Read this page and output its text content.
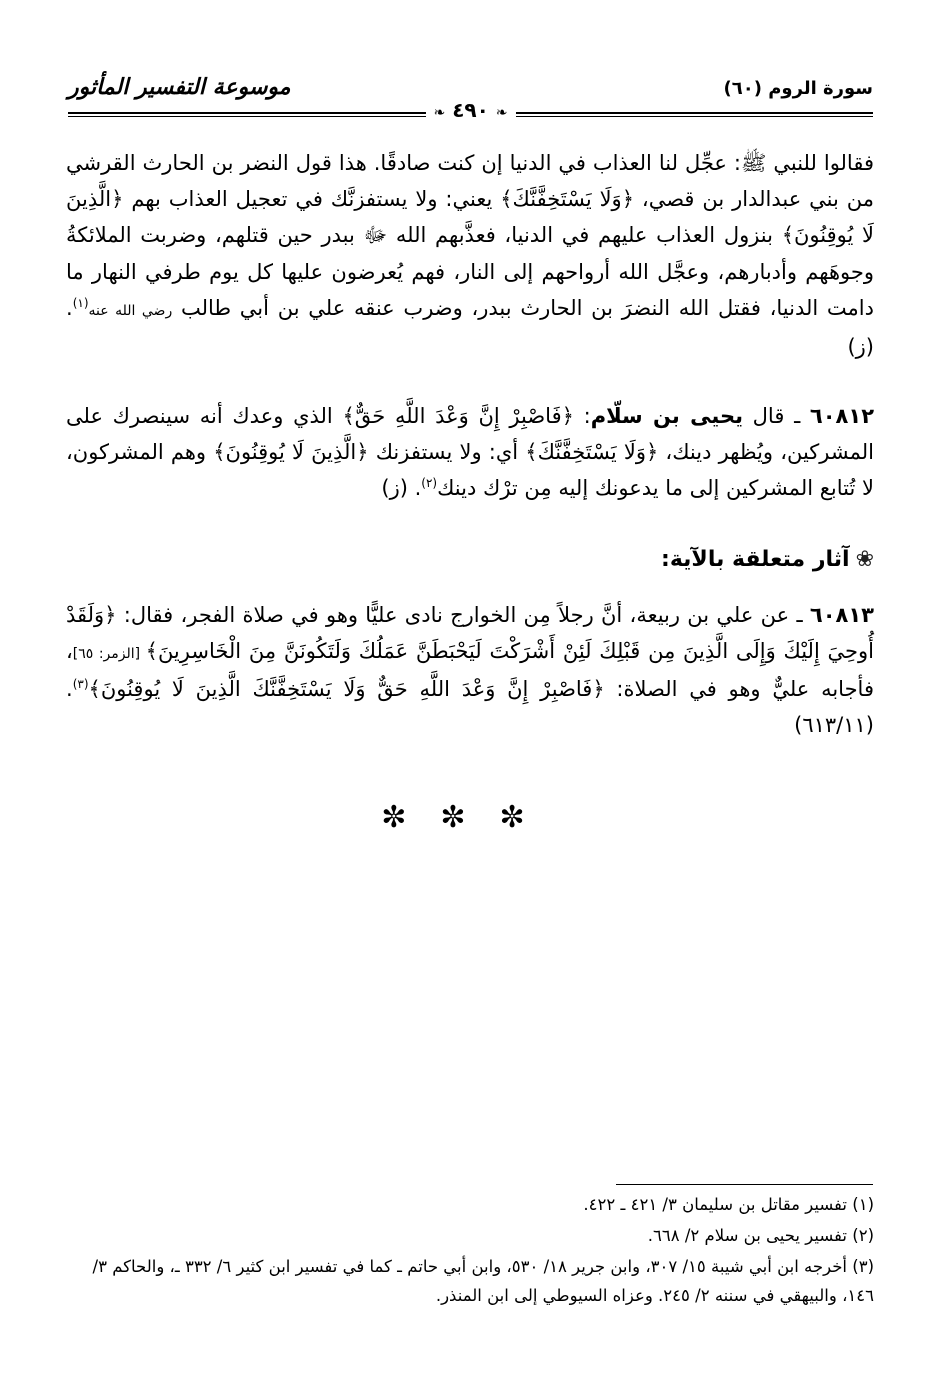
سورة الروم (٦٠)
موسوعة التفسير المأثور
❧ ٤٩٠ ❧
فقالوا للنبي ﷺ: عجِّل لنا العذاب في الدنيا إن كنت صادقًا. هذا قول النضر بن الحارث القرشي من بني عبدالدار بن قصي، ﴿وَلَا يَسْتَخِفَّنَّكَ﴾ يعني: ولا يستفزنَّك في تعجيل العذاب بهم ﴿الَّذِينَ لَا يُوقِنُونَ﴾ بنزول العذاب عليهم في الدنيا، فعذَّبهم الله ﷻ ببدر حين قتلهم، وضربت الملائكةُ وجوهَهم وأدبارهم، وعجَّل الله أرواحهم إلى النار، فهم يُعرضون عليها كل يوم طرفي النهار ما دامت الدنيا، فقتل الله النضرَ بن الحارث ببدر، وضرب عنقه علي بن أبي طالب رضي الله عنه$^{(١)}$. (ز)
٦٠٨١٢ ـ قال يحيى بن سلّام: ﴿فَاصْبِرْ إِنَّ وَعْدَ اللَّهِ حَقٌّ﴾ الذي وعدك أنه سينصرك على المشركين، ويُظهر دينك، ﴿وَلَا يَسْتَخِفَّنَّكَ﴾ أي: ولا يستفزنك ﴿الَّذِينَ لَا يُوقِنُونَ﴾ وهم المشركون، لا تُتابع المشركين إلى ما يدعونك إليه مِن ترْك دينك$^{(٢)}$. (ز)
❀آثار متعلقة بالآية:
٦٠٨١٣ ـ عن علي بن ربيعة، أنَّ رجلاً مِن الخوارج نادى عليًّا وهو في صلاة الفجر، فقال: ﴿وَلَقَدْ أُوحِيَ إِلَيْكَ وَإِلَى الَّذِينَ مِن قَبْلِكَ لَئِنْ أَشْرَكْتَ لَيَحْبَطَنَّ عَمَلُكَ وَلَتَكُونَنَّ مِنَ الْخَاسِرِينَ﴾ [الزمر: ٦٥]، فأجابه عليٌّ وهو في الصلاة: ﴿فَاصْبِرْ إِنَّ وَعْدَ اللَّهِ حَقٌّ وَلَا يَسْتَخِفَّنَّكَ الَّذِينَ لَا يُوقِنُونَ﴾$^{(٣)}$. (٦١٣/١١)
✼✼✼
(١) تفسير مقاتل بن سليمان ٣/ ٤٢١ ـ ٤٢٢.
(٢) تفسير يحيى بن سلام ٢/ ٦٦٨.
(٣) أخرجه ابن أبي شيبة ١٥/ ٣٠٧، وابن جرير ١٨/ ٥٣٠، وابن أبي حاتم ـ كما في تفسير ابن كثير ٦/ ٣٣٢ ـ، والحاكم ٣/ ١٤٦، والبيهقي في سننه ٢/ ٢٤٥. وعزاه السيوطي إلى ابن المنذر.
